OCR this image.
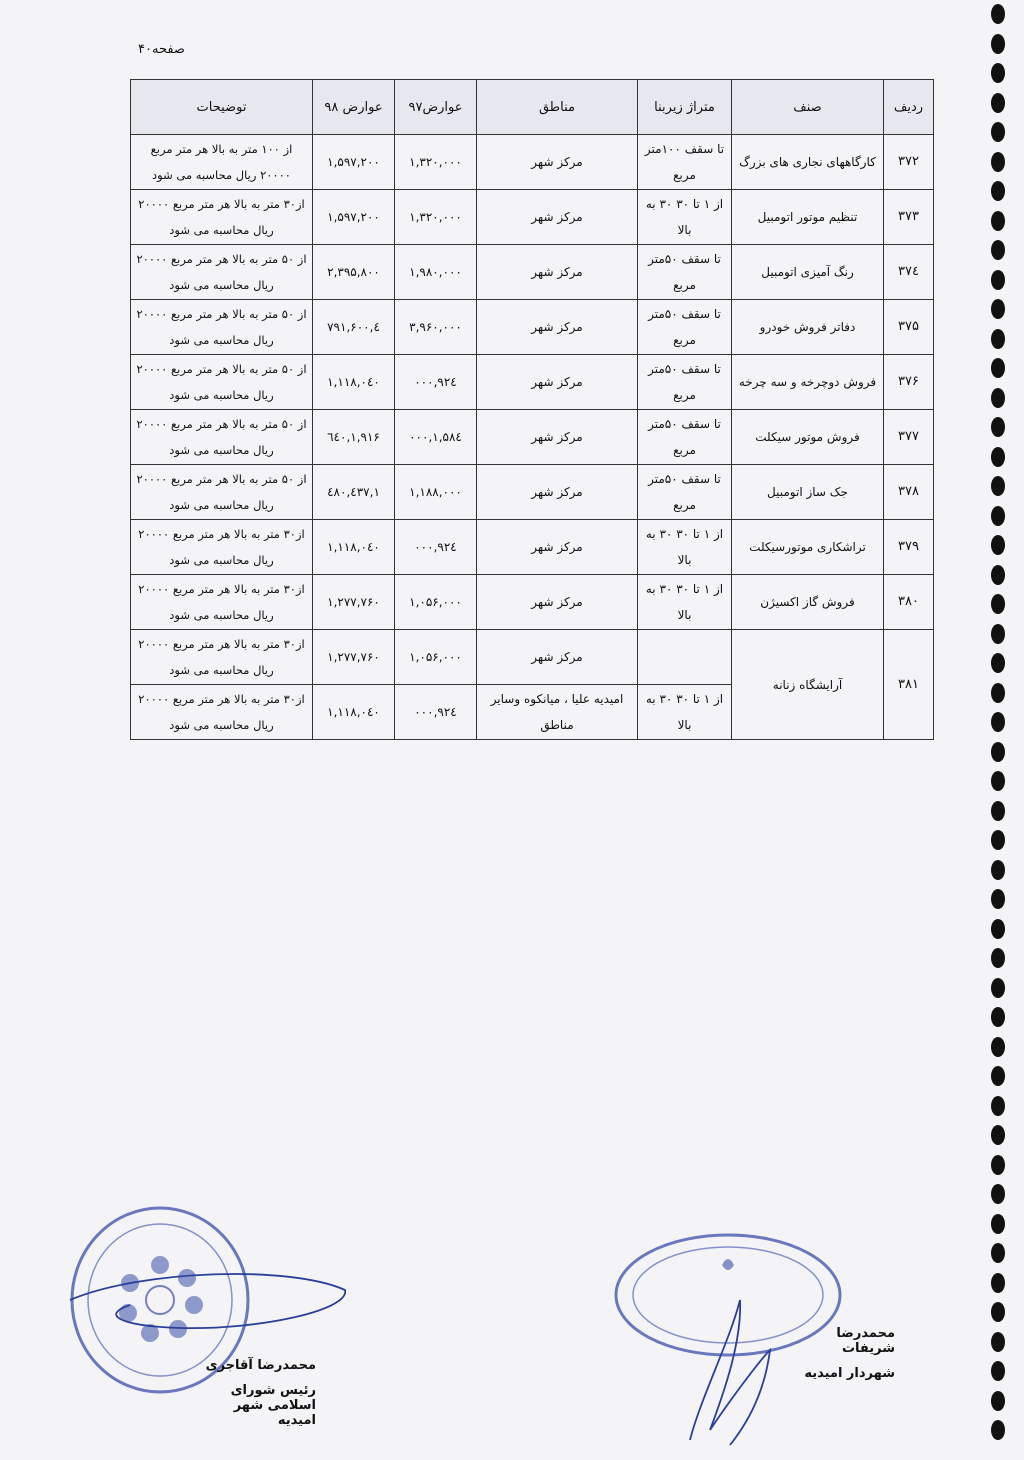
صفحه۴۰
ردیف	صنف	متراژ زیربنا	مناطق	عوارض۹۷	عوارض ۹۸	توضیحات
۳۷۲	کارگاههای نجاری های بزرگ	تا سقف ۱۰۰متر مربع	مرکز شهر	۱,۳۲۰,۰۰۰	۱,۵۹۷,۲۰۰	از ۱۰۰ متر به بالا هر متر مربع ۲۰۰۰۰ ریال محاسبه می شود
۳۷۳	تنظیم موتور اتومبیل	از ۱ تا ۳۰ ۳۰ به بالا	مرکز شهر	۱,۳۲۰,۰۰۰	۱,۵۹۷,۲۰۰	از۳۰ متر به بالا هر متر مربع ۲۰۰۰۰ ریال محاسبه می شود
۳۷٤	رنگ آمیزی اتومبیل	تا سقف ۵۰متر مربع	مرکز شهر	۱,۹۸۰,۰۰۰	۲,۳۹۵,۸۰۰	از ۵۰ متر به بالا هر متر مربع ۲۰۰۰۰ ریال محاسبه می شود
۳۷۵	دفاتر فروش خودرو	تا سقف ۵۰متر مربع	مرکز شهر	۳,۹۶۰,۰۰۰	٤,۷۹۱,۶۰۰	از ۵۰ متر به بالا هر متر مربع ۲۰۰۰۰ ریال محاسبه می شود
۳۷۶	فروش دوچرخه و سه چرخه	تا سقف ۵۰متر مربع	مرکز شهر	۹۲٤,۰۰۰	۱,۱۱۸,۰٤۰	از ۵۰ متر به بالا هر متر مربع ۲۰۰۰۰ ریال محاسبه می شود
۳۷۷	فروش موتور سیکلت	تا سقف ۵۰متر مربع	مرکز شهر	۱,۵۸٤,۰۰۰	۱,۹۱۶,٦٤۰	از ۵۰ متر به بالا هر متر مربع ۲۰۰۰۰ ریال محاسبه می شود
۳۷۸	جک ساز اتومبیل	تا سقف ۵۰متر مربع	مرکز شهر	۱,۱۸۸,۰۰۰	۱,٤۳۷,٤۸۰	از ۵۰ متر به بالا هر متر مربع ۲۰۰۰۰ ریال محاسبه می شود
۳۷۹	تراشکاری موتورسیکلت	از ۱ تا ۳۰ ۳۰ به بالا	مرکز شهر	۹۲٤,۰۰۰	۱,۱۱۸,۰٤۰	از۳۰ متر به بالا هر متر مربع ۲۰۰۰۰ ریال محاسبه می شود
۳۸۰	فروش گاز اکسیژن	از ۱ تا ۳۰ ۳۰ به بالا	مرکز شهر	۱,۰۵۶,۰۰۰	۱,۲۷۷,۷۶۰	از۳۰ متر به بالا هر متر مربع ۲۰۰۰۰ ریال محاسبه می شود
۳۸۱	آرایشگاه زنانه		مرکز شهر	۱,۰۵۶,۰۰۰	۱,۲۷۷,۷۶۰	از۳۰ متر به بالا هر متر مربع ۲۰۰۰۰ ریال محاسبه می شود
		از ۱ تا ۳۰ ۳۰ به بالا	امیدیه علیا ، میانکوه وسایر مناطق	۹۲٤,۰۰۰	۱,۱۱۸,۰٤۰	از۳۰ متر به بالا هر متر مربع ۲۰۰۰۰ ریال محاسبه می شود
محمدرضا آقاجری
رئیس شورای اسلامی شهر امیدیه
محمدرضا شریفات
شهردار امیدیه
